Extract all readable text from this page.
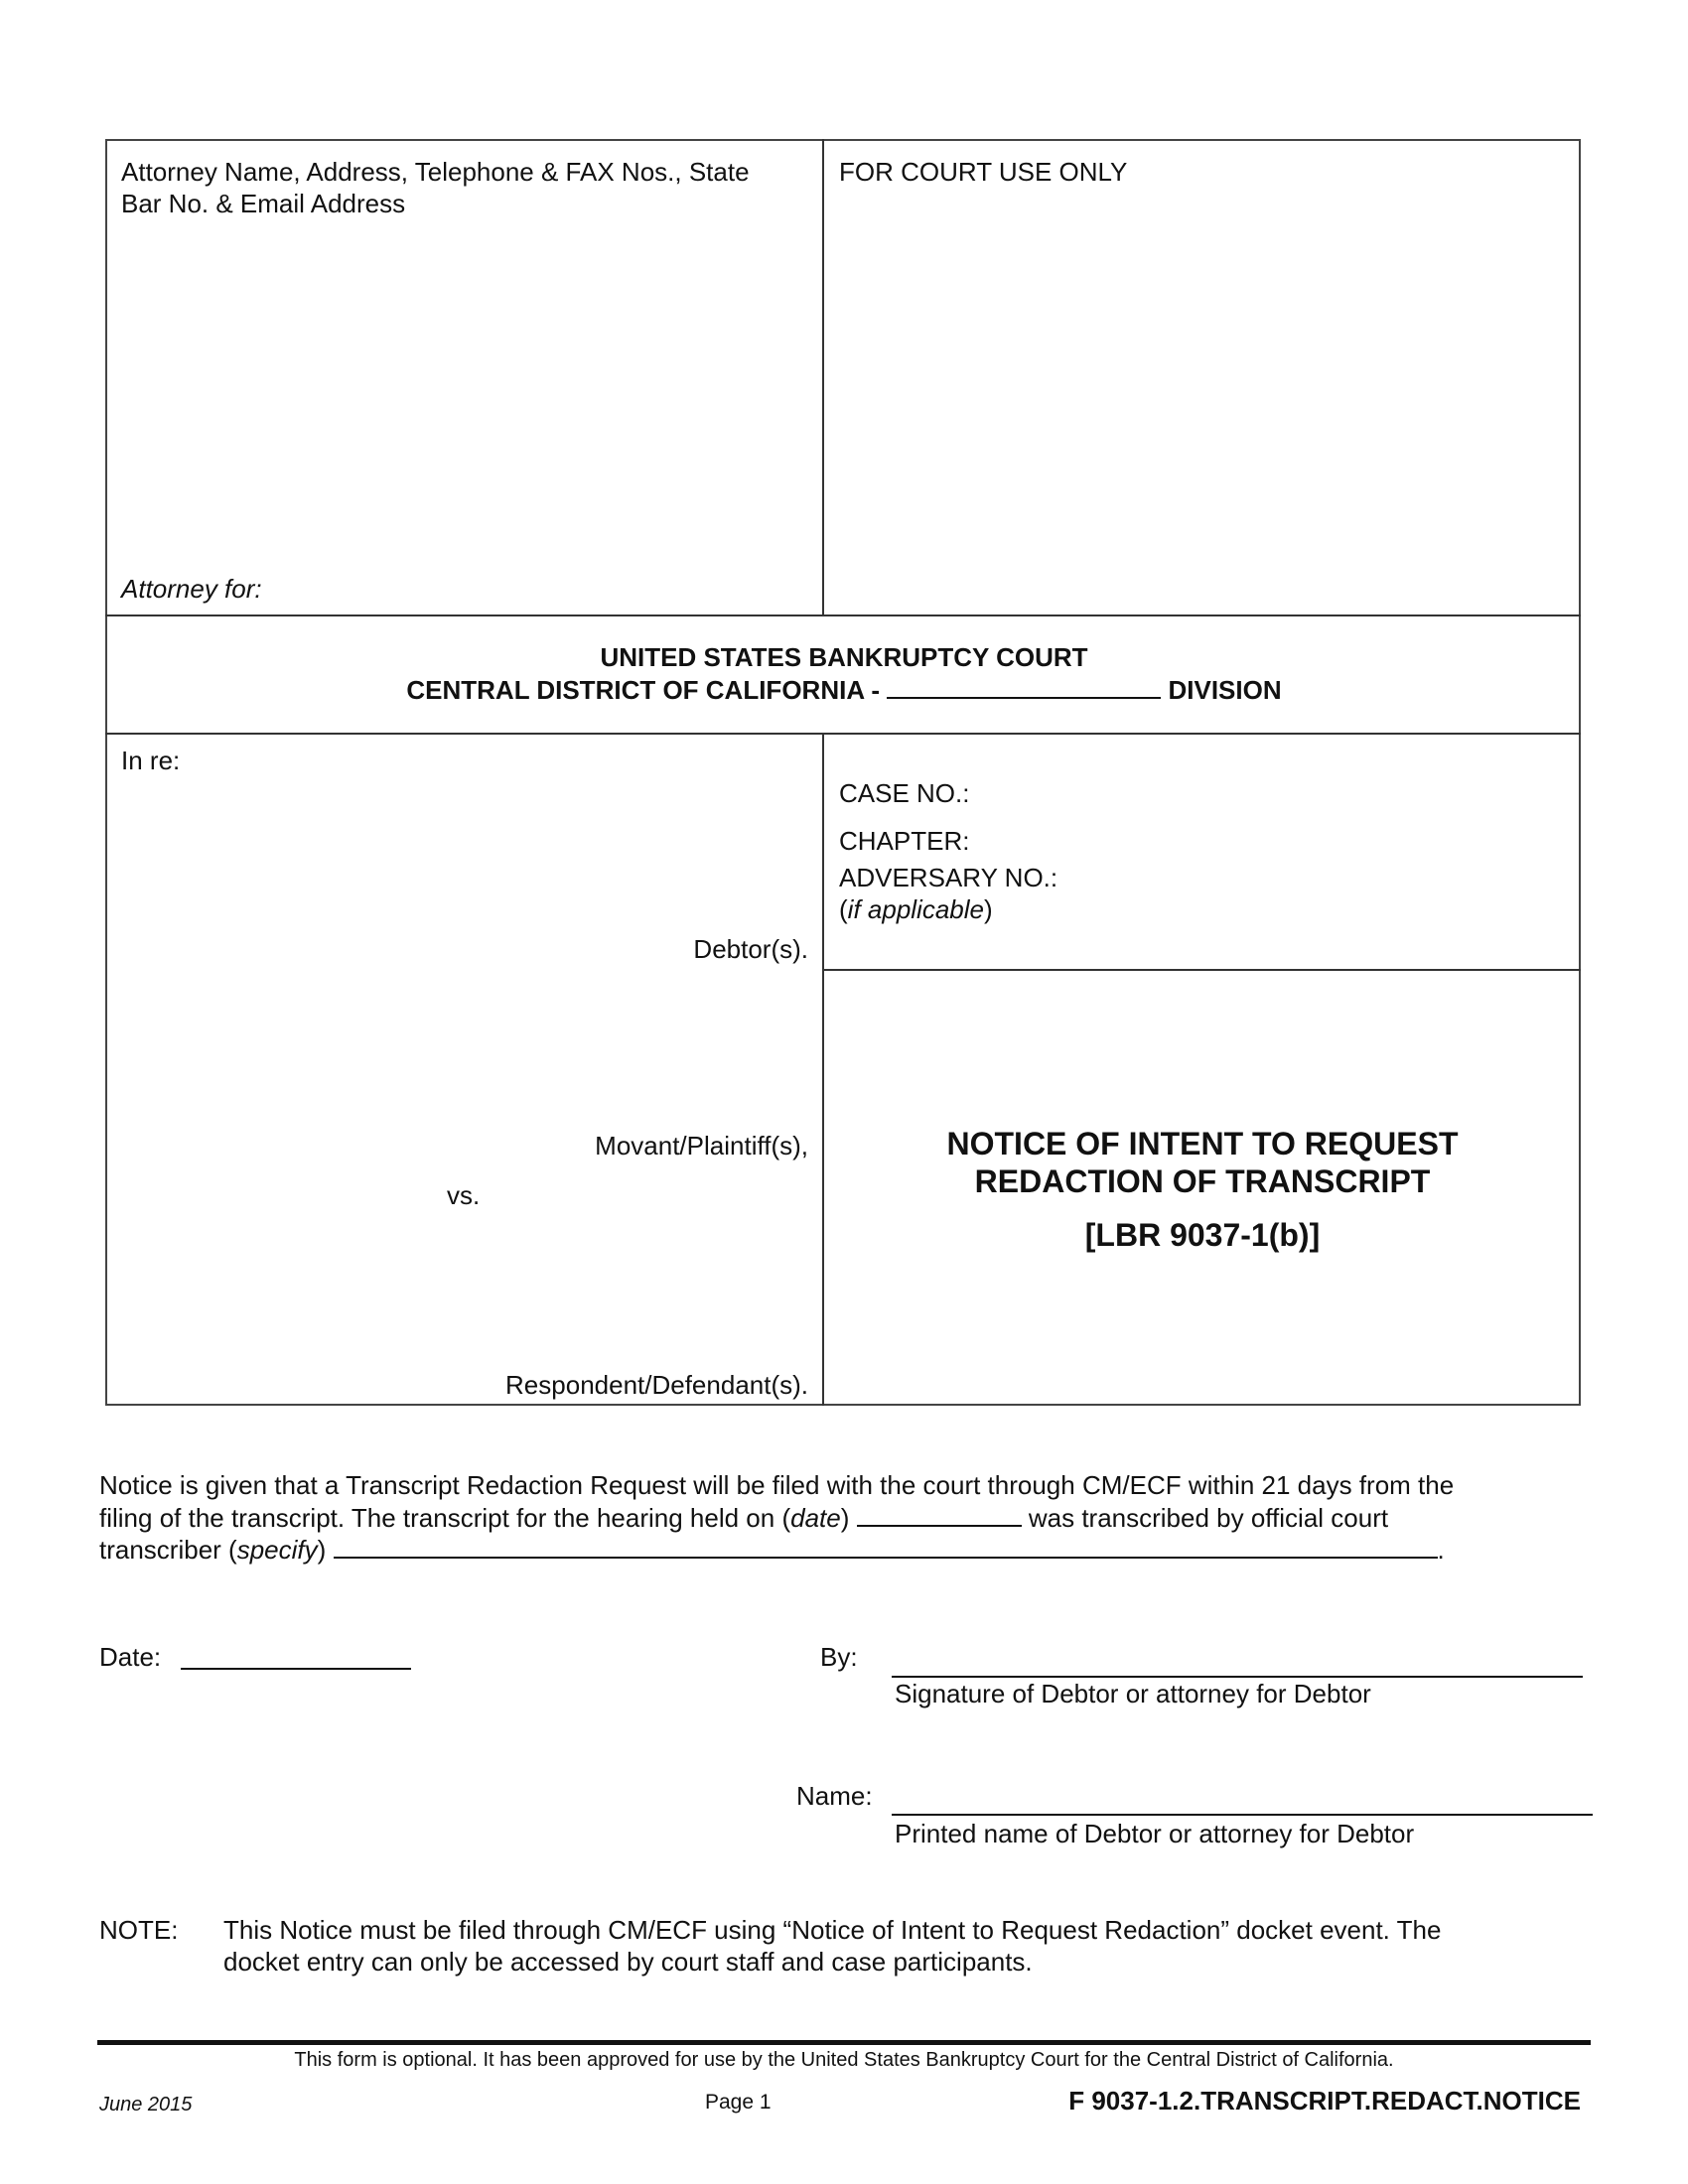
Attorney Name, Address, Telephone & FAX Nos., State
Bar No. & Email Address
FOR COURT USE ONLY
Attorney for:
UNITED STATES BANKRUPTCY COURT
CENTRAL DISTRICT OF CALIFORNIA -	DIVISION
In re:
Debtor(s).
Movant/Plaintiff(s),
vs.
Respondent/Defendant(s).
CASE NO.:
CHAPTER:
ADVERSARY NO.:
(if applicable)
NOTICE OF INTENT TO REQUEST
REDACTION OF TRANSCRIPT
[LBR 9037-1(b)]
Notice is given that a Transcript Redaction Request will be filed with the court through CM/ECF within 21 days from the
filing of the transcript. The transcript for the hearing held on (date)	was transcribed by official court
transcriber (specify)	.
Date:	By:
Signature of Debtor or attorney for Debtor
Name:
Printed name of Debtor or attorney for Debtor
NOTE: This Notice must be filed through CM/ECF using “Notice of Intent to Request Redaction” docket event. The
docket entry can only be accessed by court staff and case participants.
This form is optional. It has been approved for use by the United States Bankruptcy Court for the Central District of California.
June 2015	Page 1	F 9037-1.2.TRANSCRIPT.REDACT.NOTICE
